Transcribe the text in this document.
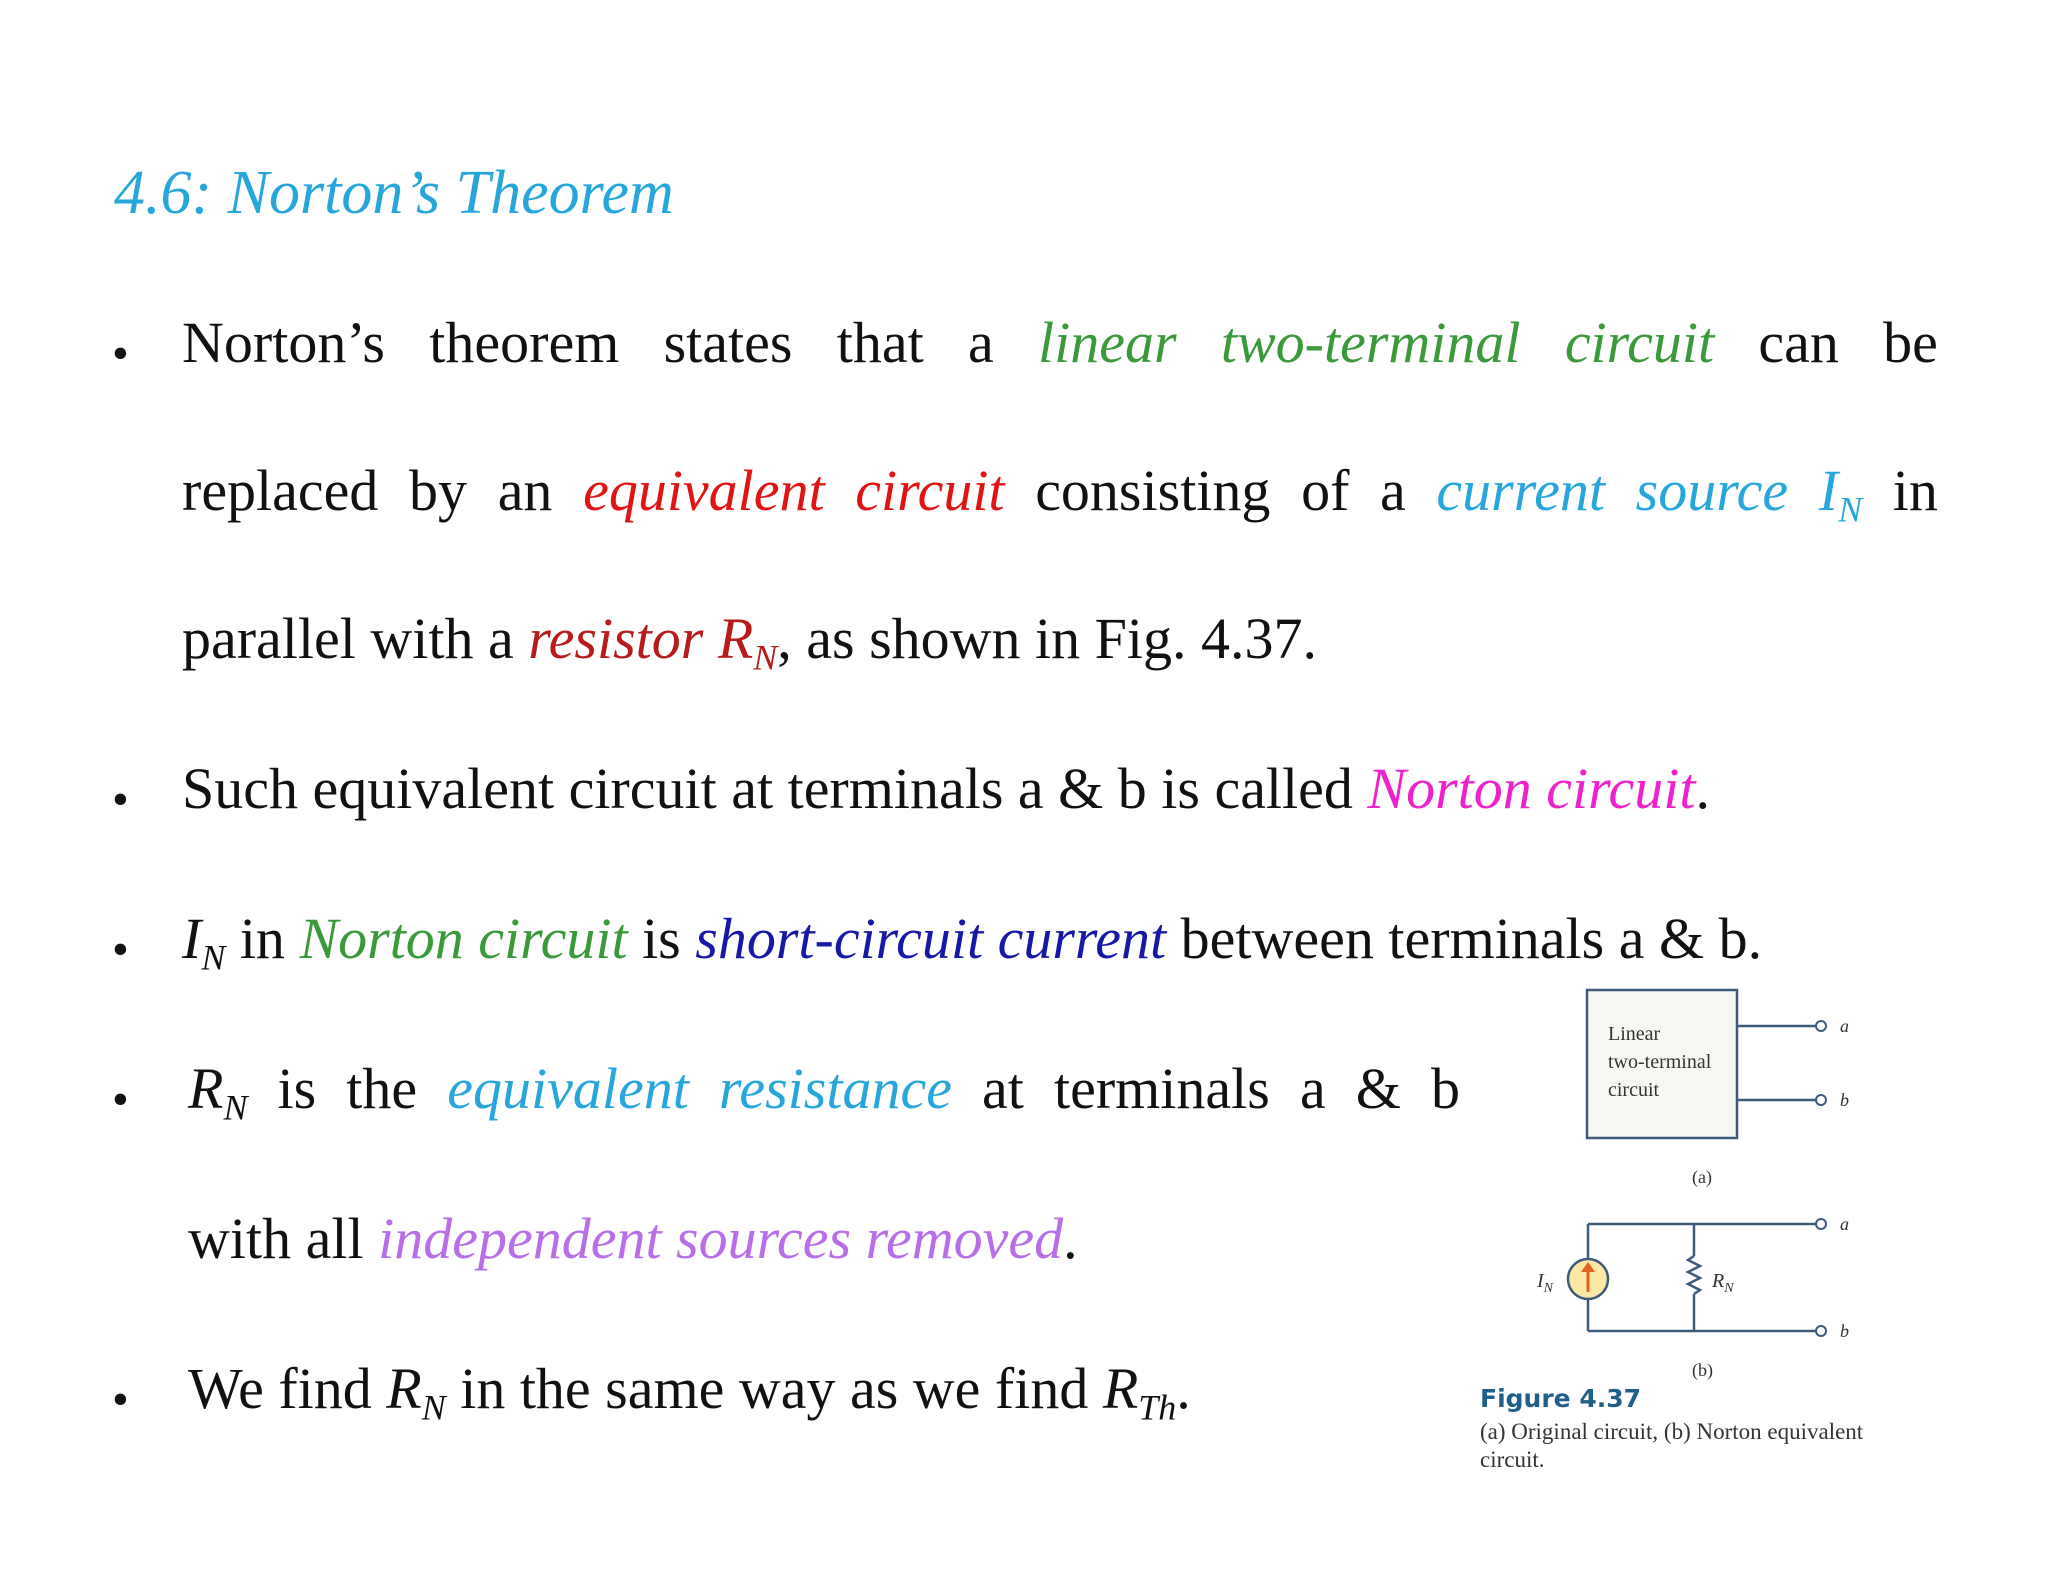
4.6: Norton’s Theorem
• Norton’s theorem states that a linear two-terminal circuit can be
replaced by an equivalent circuit consisting of a current source $I_N$ in
parallel with a resistor $R_N$, as shown in Fig. 4.37.
• Such equivalent circuit at terminals a & b is called Norton circuit.
• $I_N$ in Norton circuit is short-circuit current between terminals a & b.
• $R_N$ is the equivalent resistance at terminals a & b
with all independent sources removed.
• We find $R_N$ in the same way as we find $R_{Th}$.
Linear
two-terminal
circuit
a
b
(a)
$I_N$	$R_N$
a
b
(b)
Figure 4.37
(a) Original circuit, (b) Norton equivalent circuit.
